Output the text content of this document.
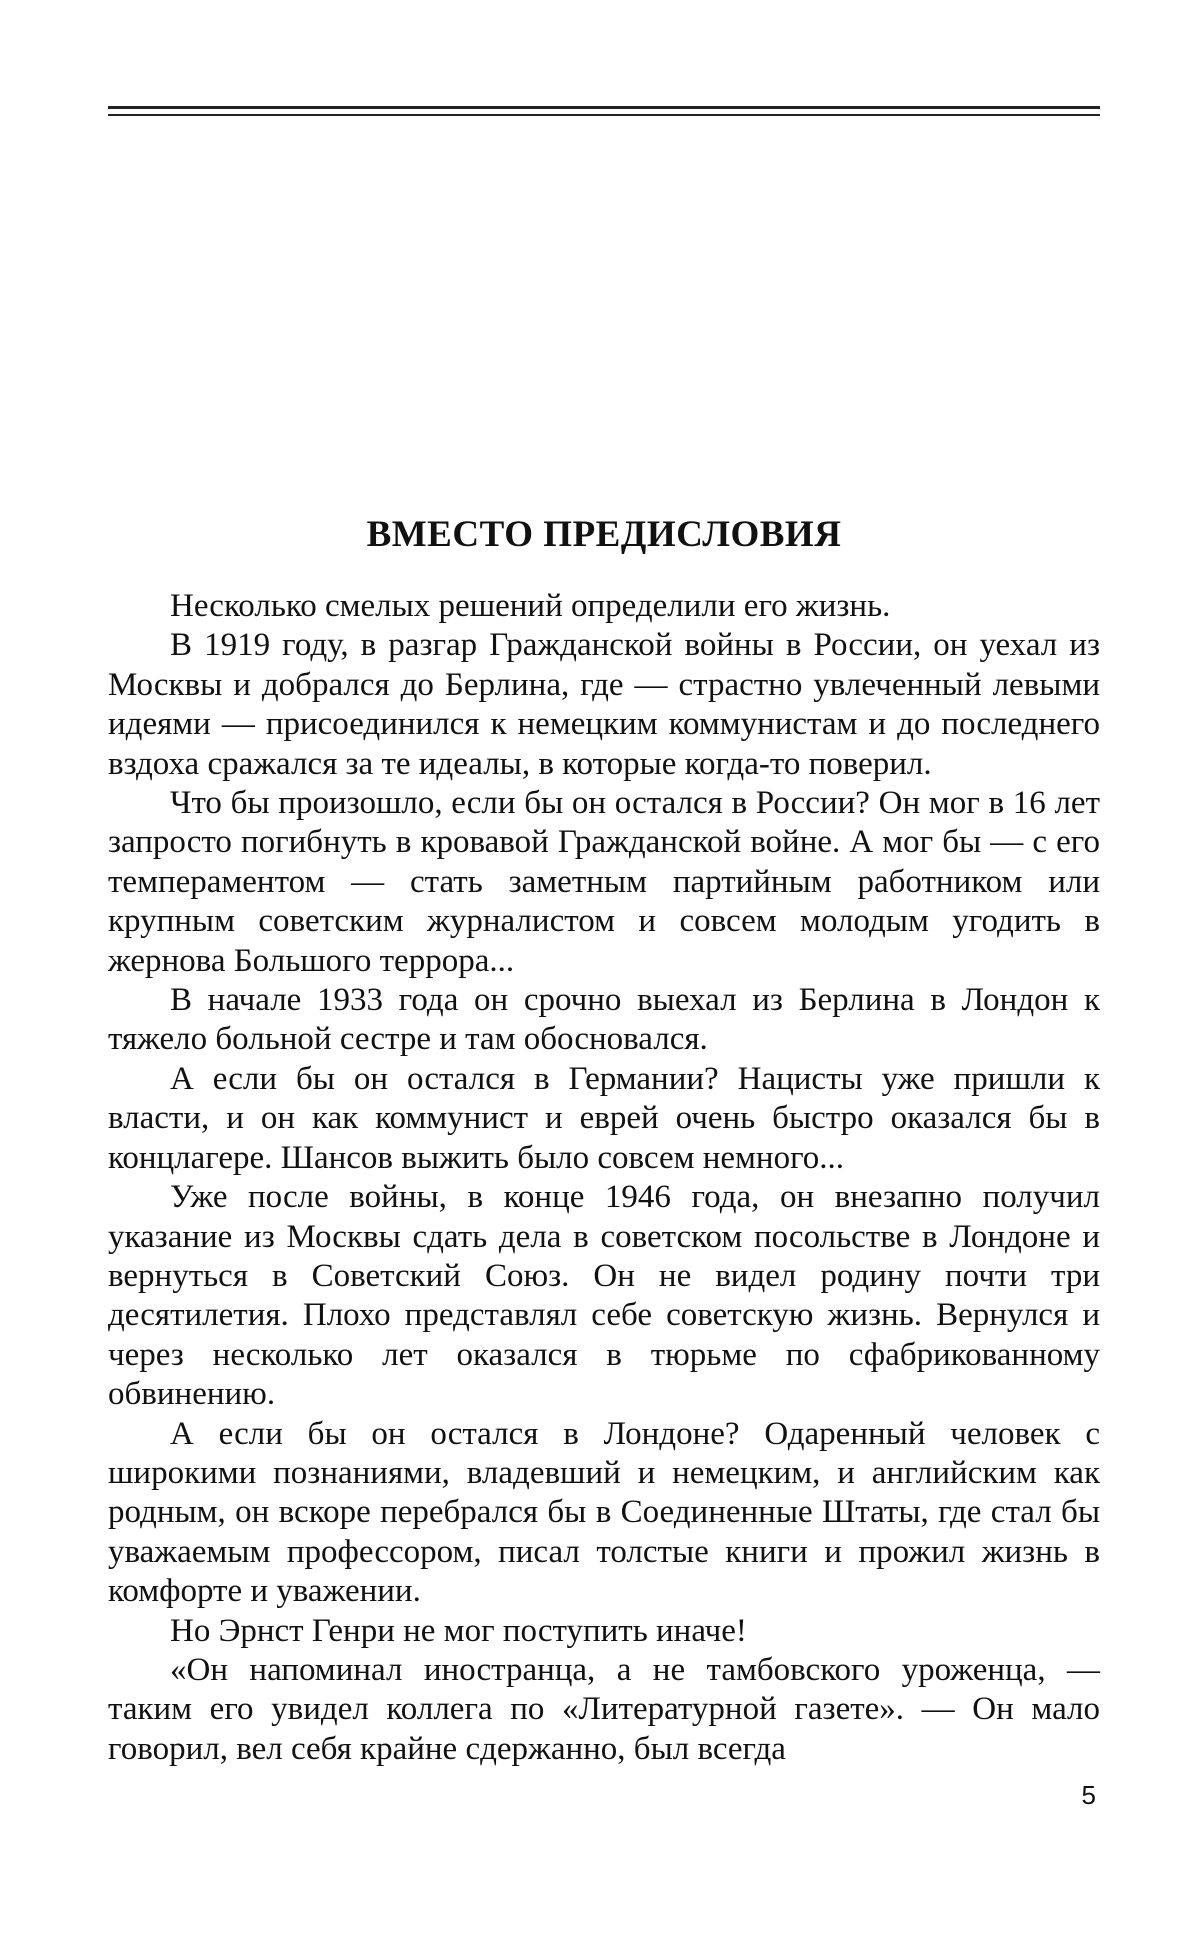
ВМЕСТО ПРЕДИСЛОВИЯ

Несколько смелых решений определили его жизнь.

В 1919 году, в разгар Гражданской войны в России, он уехал из Москвы и добрался до Берлина, где — страстно увлеченный левыми идеями — присоединился к немецким коммунистам и до последнего вздоха сражался за те идеалы, в которые когда-то поверил.

Что бы произошло, если бы он остался в России? Он мог в 16 лет запросто погибнуть в кровавой Гражданской войне. А мог бы — с его темпераментом — стать заметным партийным работником или крупным советским журналистом и совсем молодым угодить в жернова Большого террора...

В начале 1933 года он срочно выехал из Берлина в Лондон к тяжело больной сестре и там обосновался.

А если бы он остался в Германии? Нацисты уже пришли к власти, и он как коммунист и еврей очень быстро оказался бы в концлагере. Шансов выжить было совсем немного...

Уже после войны, в конце 1946 года, он внезапно получил указание из Москвы сдать дела в советском посольстве в Лондоне и вернуться в Советский Союз. Он не видел родину почти три десятилетия. Плохо представлял себе советскую жизнь. Вернулся и через несколько лет оказался в тюрьме по сфабрикованному обвинению.

А если бы он остался в Лондоне? Одаренный человек с широкими познаниями, владевший и немецким, и английским как родным, он вскоре перебрался бы в Соединенные Штаты, где стал бы уважаемым профессором, писал толстые книги и прожил жизнь в комфорте и уважении.

Но Эрнст Генри не мог поступить иначе!

«Он напоминал иностранца, а не тамбовского уроженца, — таким его увидел коллега по «Литературной газете». — Он мало говорил, вел себя крайне сдержанно, был всегда

5
